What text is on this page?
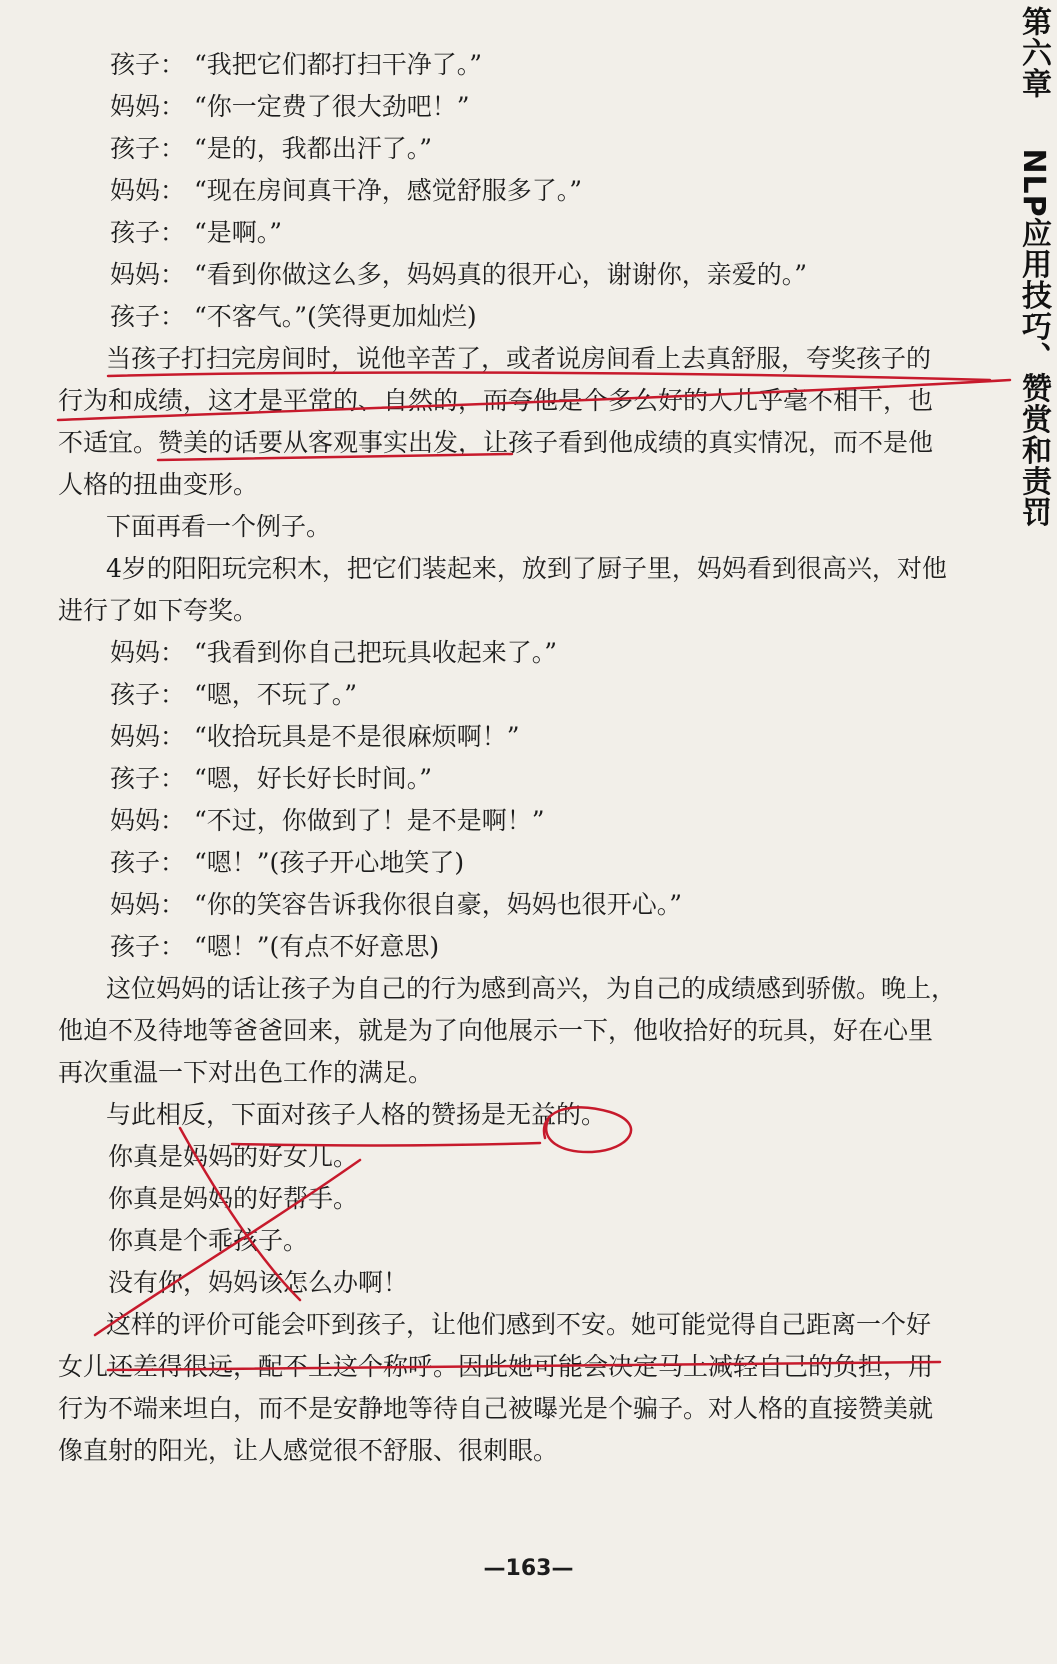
第六章 NLP应用技巧、赞赏和责罚
孩子： “我把它们都打扫干净了。”
妈妈： “你一定费了很大劲吧！”
孩子： “是的，我都出汗了。”
妈妈： “现在房间真干净，感觉舒服多了。”
孩子： “是啊。”
妈妈： “看到你做这么多，妈妈真的很开心，谢谢你，亲爱的。”
孩子： “不客气。”(笑得更加灿烂)
当孩子打扫完房间时，说他辛苦了，或者说房间看上去真舒服，夸奖孩子的
行为和成绩，这才是平常的、自然的，而夸他是个多么好的人儿乎毫不相干，也
不适宜。赞美的话要从客观事实出发，让孩子看到他成绩的真实情况，而不是他
人格的扭曲变形。
下面再看一个例子。
4岁的阳阳玩完积木，把它们装起来，放到了厨子里，妈妈看到很高兴，对他
进行了如下夸奖。
妈妈： “我看到你自己把玩具收起来了。”
孩子： “嗯，不玩了。”
妈妈： “收拾玩具是不是很麻烦啊！”
孩子： “嗯，好长好长时间。”
妈妈： “不过，你做到了！是不是啊！”
孩子： “嗯！”(孩子开心地笑了)
妈妈： “你的笑容告诉我你很自豪，妈妈也很开心。”
孩子： “嗯！”(有点不好意思)
这位妈妈的话让孩子为自己的行为感到高兴，为自己的成绩感到骄傲。晚上，
他迫不及待地等爸爸回来，就是为了向他展示一下，他收拾好的玩具，好在心里
再次重温一下对出色工作的满足。
与此相反，下面对孩子人格的赞扬是无益的。
你真是妈妈的好女儿。
你真是妈妈的好帮手。
你真是个乖孩子。
没有你，妈妈该怎么办啊！
这样的评价可能会吓到孩子，让他们感到不安。她可能觉得自己距离一个好
女儿还差得很远，配不上这个称呼。因此她可能会决定马上减轻自己的负担，用
行为不端来坦白，而不是安静地等待自己被曝光是个骗子。对人格的直接赞美就
像直射的阳光，让人感觉很不舒服、很刺眼。
—163—
